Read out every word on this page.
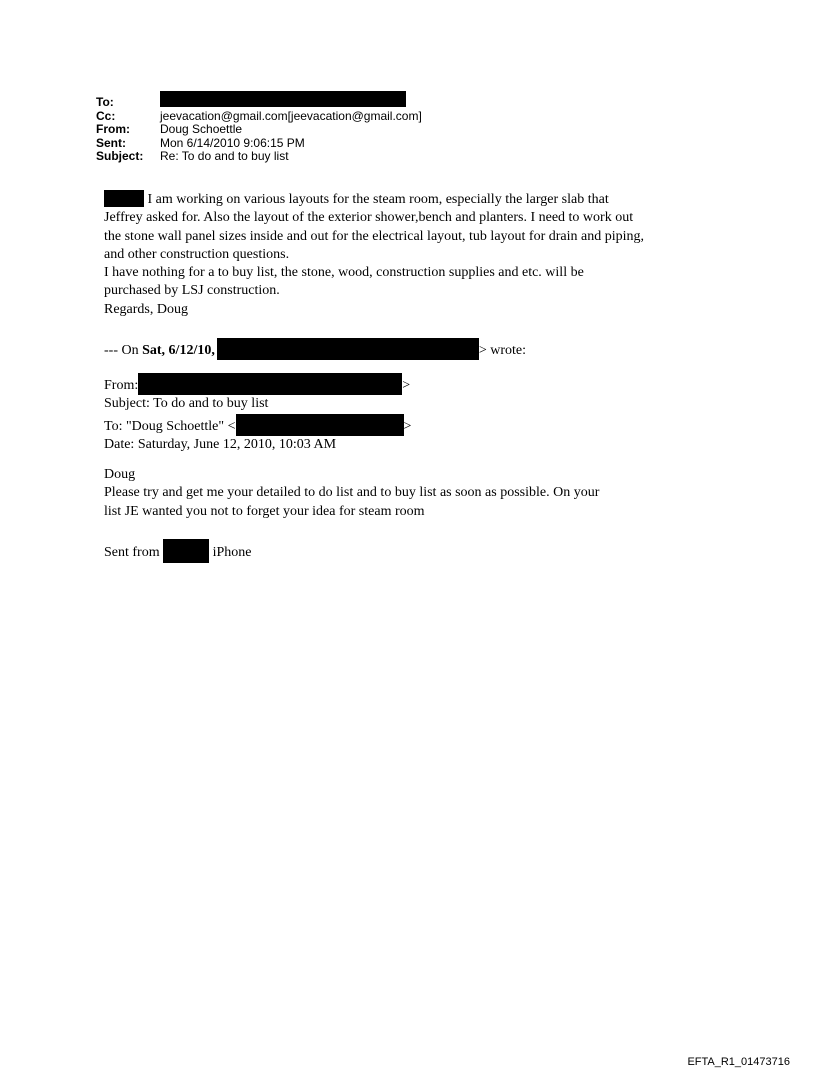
To:
Cc:	jeevacation@gmail.com[jeevacation@gmail.com]
From:	Doug Schoettle
Sent:	Mon 6/14/2010 9:06:15 PM
Subject:	Re: To do and to buy list
I am working on various layouts for the steam room, especially the larger slab that
Jeffrey asked for. Also the layout of the exterior shower,bench and planters. I need to work out
the stone wall panel sizes inside and out for the electrical layout, tub layout for drain and piping,
and other construction questions.
I have nothing for a to buy list, the stone, wood, construction supplies and etc. will be
purchased by LSJ construction.
Regards, Doug
--- On Sat, 6/12/10,	> wrote:
From:	>
Subject: To do and to buy list
To: "Doug Schoettle" <	>
Date: Saturday, June 12, 2010, 10:03 AM
Doug
Please try and get me your detailed to do list and to buy list as soon as possible. On your
list JE wanted you not to forget your idea for steam room
Sent from	iPhone
EFTA_R1_01473716
